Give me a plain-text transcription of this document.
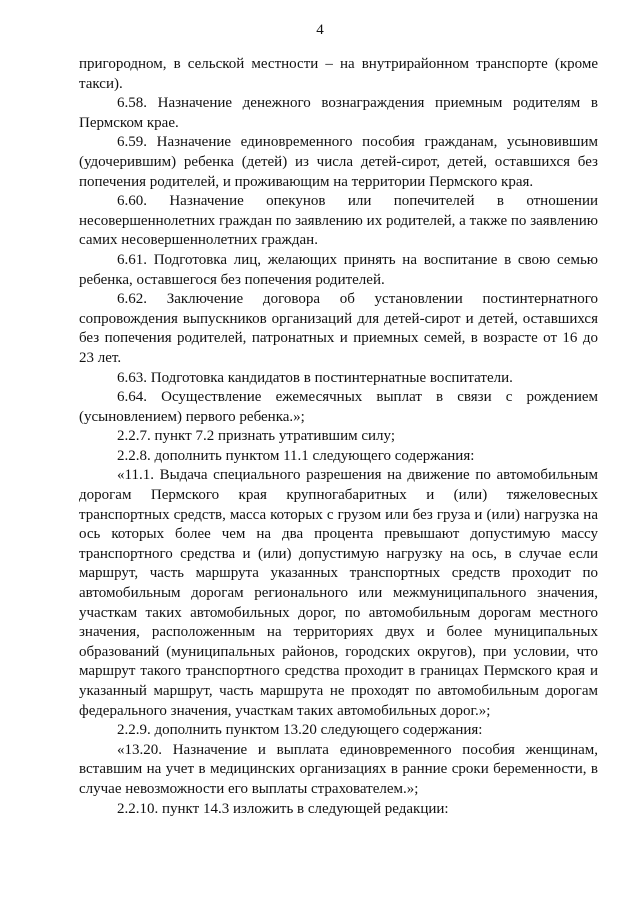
4

пригородном, в сельской местности – на внутрирайонном транспорте (кроме такси).

6.58. Назначение денежного вознаграждения приемным родителям в Пермском крае.

6.59. Назначение единовременного пособия гражданам, усыновившим (удочерившим) ребенка (детей) из числа детей-сирот, детей, оставшихся без попечения родителей, и проживающим на территории Пермского края.

6.60. Назначение опекунов или попечителей в отношении несовершеннолетних граждан по заявлению их родителей, а также по заявлению самих несовершеннолетних граждан.

6.61. Подготовка лиц, желающих принять на воспитание в свою семью ребенка, оставшегося без попечения родителей.

6.62. Заключение договора об установлении постинтернатного сопровождения выпускников организаций для детей-сирот и детей, оставшихся без попечения родителей, патронатных и приемных семей, в возрасте от 16 до 23 лет.

6.63. Подготовка кандидатов в постинтернатные воспитатели.

6.64. Осуществление ежемесячных выплат в связи с рождением (усыновлением) первого ребенка.»;

2.2.7. пункт 7.2 признать утратившим силу;

2.2.8. дополнить пунктом 11.1 следующего содержания:

«11.1. Выдача специального разрешения на движение по автомобильным дорогам Пермского края крупногабаритных и (или) тяжеловесных транспортных средств, масса которых с грузом или без груза и (или) нагрузка на ось которых более чем на два процента превышают допустимую массу транспортного средства и (или) допустимую нагрузку на ось, в случае если маршрут, часть маршрута указанных транспортных средств проходит по автомобильным дорогам регионального или межмуниципального значения, участкам таких автомобильных дорог, по автомобильным дорогам местного значения, расположенным на территориях двух и более муниципальных образований (муниципальных районов, городских округов), при условии, что маршрут такого транспортного средства проходит в границах Пермского края и указанный маршрут, часть маршрута не проходят по автомобильным дорогам федерального значения, участкам таких автомобильных дорог.»;

2.2.9. дополнить пунктом 13.20 следующего содержания:

«13.20. Назначение и выплата единовременного пособия женщинам, вставшим на учет в медицинских организациях в ранние сроки беременности, в случае невозможности его выплаты страхователем.»;

2.2.10. пункт 14.3 изложить в следующей редакции:
